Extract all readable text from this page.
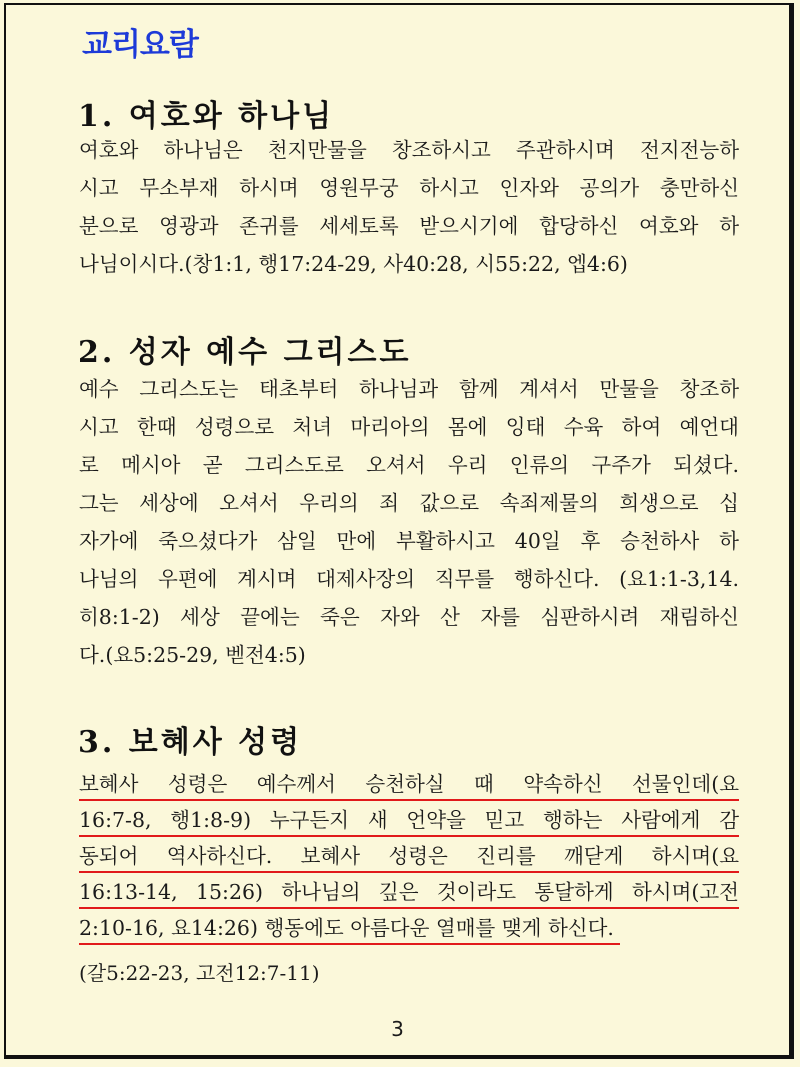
교리요람
1. 여호와 하나님
여호와 하나님은 천지만물을 창조하시고 주관하시며 전지전능하
시고 무소부재 하시며 영원무궁 하시고 인자와 공의가 충만하신
분으로 영광과 존귀를 세세토록 받으시기에 합당하신 여호와 하
나님이시다.(창1:1, 행17:24-29, 사40:28, 시55:22, 엡4:6)
2. 성자 예수 그리스도
예수 그리스도는 태초부터 하나님과 함께 계셔서 만물을 창조하
시고 한때 성령으로 처녀 마리아의 몸에 잉태 수육 하여 예언대
로 메시아 곧 그리스도로 오셔서 우리 인류의 구주가 되셨다.
그는 세상에 오셔서 우리의 죄 값으로 속죄제물의 희생으로 십
자가에 죽으셨다가 삼일 만에 부활하시고 40일 후 승천하사 하
나님의 우편에 계시며 대제사장의 직무를 행하신다. (요1:1-3,14.
히8:1-2) 세상 끝에는 죽은 자와 산 자를 심판하시려 재림하신
다.(요5:25-29, 벧전4:5)
3. 보혜사 성령
보혜사 성령은 예수께서 승천하실 때 약속하신 선물인데(요
16:7-8, 행1:8-9) 누구든지 새 언약을 믿고 행하는 사람에게 감
동되어 역사하신다. 보혜사 성령은 진리를 깨닫게 하시며(요
16:13-14, 15:26) 하나님의 깊은 것이라도 통달하게 하시며(고전
2:10-16, 요14:26) 행동에도 아름다운 열매를 맺게 하신다.
(갈5:22-23, 고전12:7-11)
3
